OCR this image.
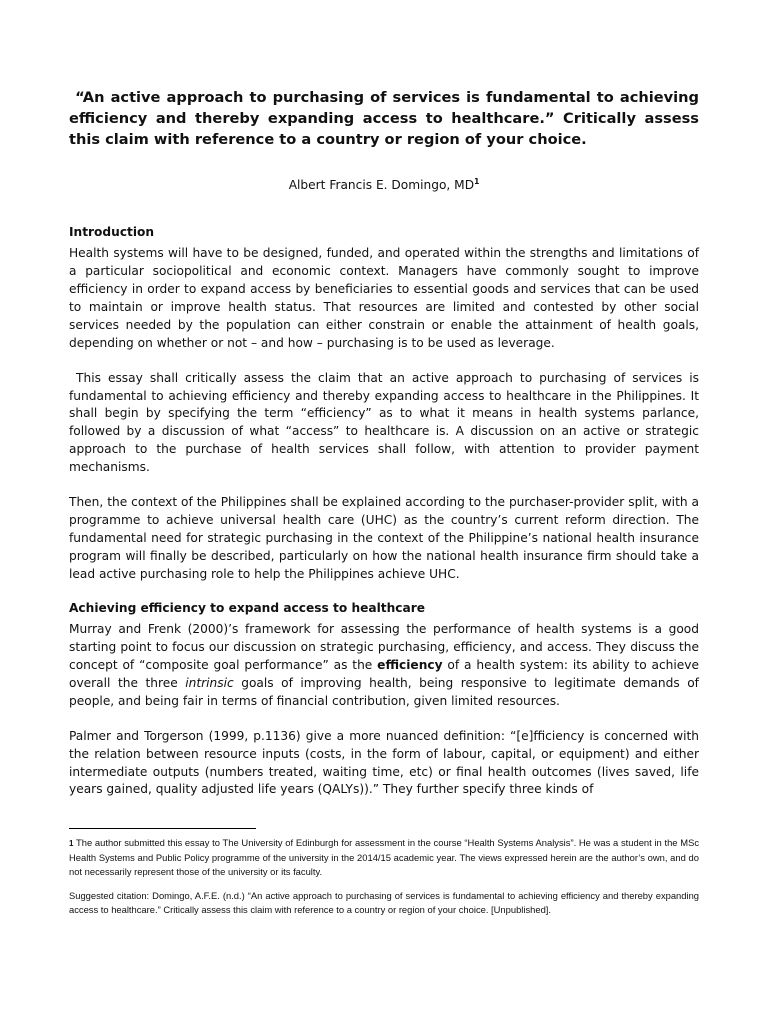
“An active approach to purchasing of services is fundamental to achieving efficiency and thereby expanding access to healthcare.” Critically assess this claim with reference to a country or region of your choice.

Albert Francis E. Domingo, $MD^1$
Introduction

Health systems will have to be designed, funded, and operated within the strengths and limitations of a particular sociopolitical and economic context. Managers have commonly sought to improve efficiency in order to expand access by beneficiaries to essential goods and services that can be used to maintain or improve health status. That resources are limited and contested by other social services needed by the population can either constrain or enable the attainment of health goals, depending on whether or not – and how – purchasing is to be used as leverage.

This essay shall critically assess the claim that an active approach to purchasing of services is fundamental to achieving efficiency and thereby expanding access to healthcare in the Philippines. It shall begin by specifying the term “efficiency” as to what it means in health systems parlance, followed by a discussion of what “access” to healthcare is. A discussion on an active or strategic approach to the purchase of health services shall follow, with attention to provider payment mechanisms.

Then, the context of the Philippines shall be explained according to the purchaser-provider split, with a programme to achieve universal health care (UHC) as the country’s current reform direction. The fundamental need for strategic purchasing in the context of the Philippine’s national health insurance program will finally be described, particularly on how the national health insurance firm should take a lead active purchasing role to help the Philippines achieve UHC.

Achieving efficiency to expand access to healthcare

Murray and Frenk (2000)’s framework for assessing the performance of health systems is a good starting point to focus our discussion on strategic purchasing, efficiency, and access. They discuss the concept of “composite goal performance” as the efficiency of a health system: its ability to achieve overall the three intrinsic goals of improving health, being responsive to legitimate demands of people, and being fair in terms of financial contribution, given limited resources.

Palmer and Torgerson (1999, p.1136) give a more nuanced definition: “[e]fficiency is concerned with the relation between resource inputs (costs, in the form of labour, capital, or equipment) and either intermediate outputs (numbers treated, waiting time, etc) or final health outcomes (lives saved, life years gained, quality adjusted life years (QALYs)).” They further specify three kinds of

1 The author submitted this essay to The University of Edinburgh for assessment in the course “Health Systems Analysis”. He was a student in the MSc Health Systems and Public Policy programme of the university in the 2014/15 academic year. The views expressed herein are the author’s own, and do not necessarily represent those of the university or its faculty.

Suggested citation: Domingo, A.F.E. (n.d.) “An active approach to purchasing of services is fundamental to achieving efficiency and thereby expanding access to healthcare.” Critically assess this claim with reference to a country or region of your choice. [Unpublished].
